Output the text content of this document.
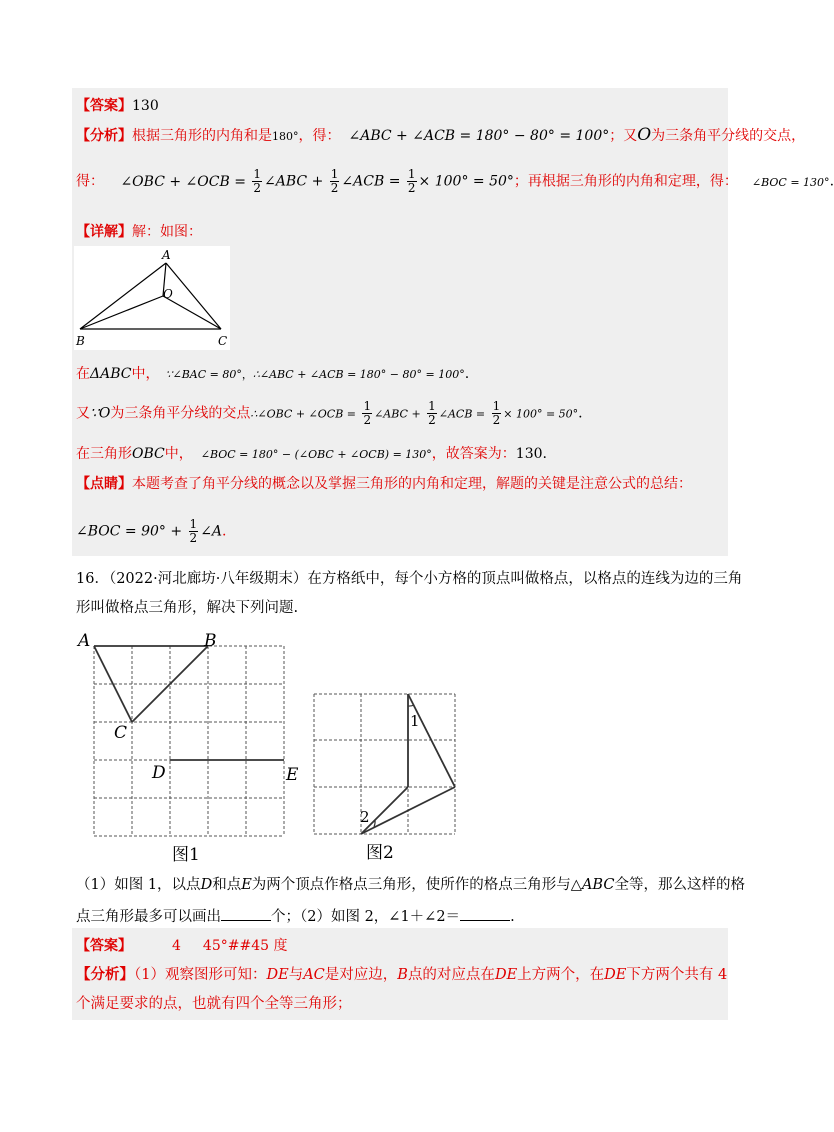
【答案】130
【分析】根据三角形的内角和是180°，得： ∠ABC + ∠ACB = 180° − 80° = 100°；又O为三条角平分线的交点，
得： ∠OBC + ∠OCB = $\frac{1}{2}$ ∠ABC + $\frac{1}{2}$ ∠ACB = $\frac{1}{2} \times 100^\circ = 50^\circ$；再根据三角形的内角和定理，得： ∠BOC = 130°.
【详解】解：如图：
A
O
B	C
在ΔABC中， ∵∠BAC = 80°，∴∠ABC + ∠ACB = 180° − 80° = 100°.
又∵O为三条角平分线的交点∴∠OBC + ∠OCB = $\frac{1}{2}$ ∠ABC + $\frac{1}{2}$ ∠ACB = $\frac{1}{2} \times 100^\circ = 50^\circ$.
在三角形OBC中， ∠BOC = 180° − (∠OBC + ∠OCB) = 130°，故答案为：130.
【点睛】本题考查了角平分线的概念以及掌握三角形的内角和定理，解题的关键是注意公式的总结：
∠BOC = $90^\circ + \frac{1}{2}$ ∠A.
16．（2022·河北廊坊·八年级期末）在方格纸中，每个小方格的顶点叫做格点，以格点的连线为边的三角
形叫做格点三角形，解决下列问题.
A	B
C
D	E
图1
1
2
图2
（1）如图 1，以点D和点E为两个顶点作格点三角形，使所作的格点三角形与△ABC全等，那么这样的格
点三角形最多可以画出	个；（2）如图 2，∠1＋∠2＝	.
【答案】	4 45°##45 度
【分析】（1）观察图形可知：DE与AC是对应边，B点的对应点在DE上方两个，在DE下方两个共有 4
个满足要求的点，也就有四个全等三角形；
